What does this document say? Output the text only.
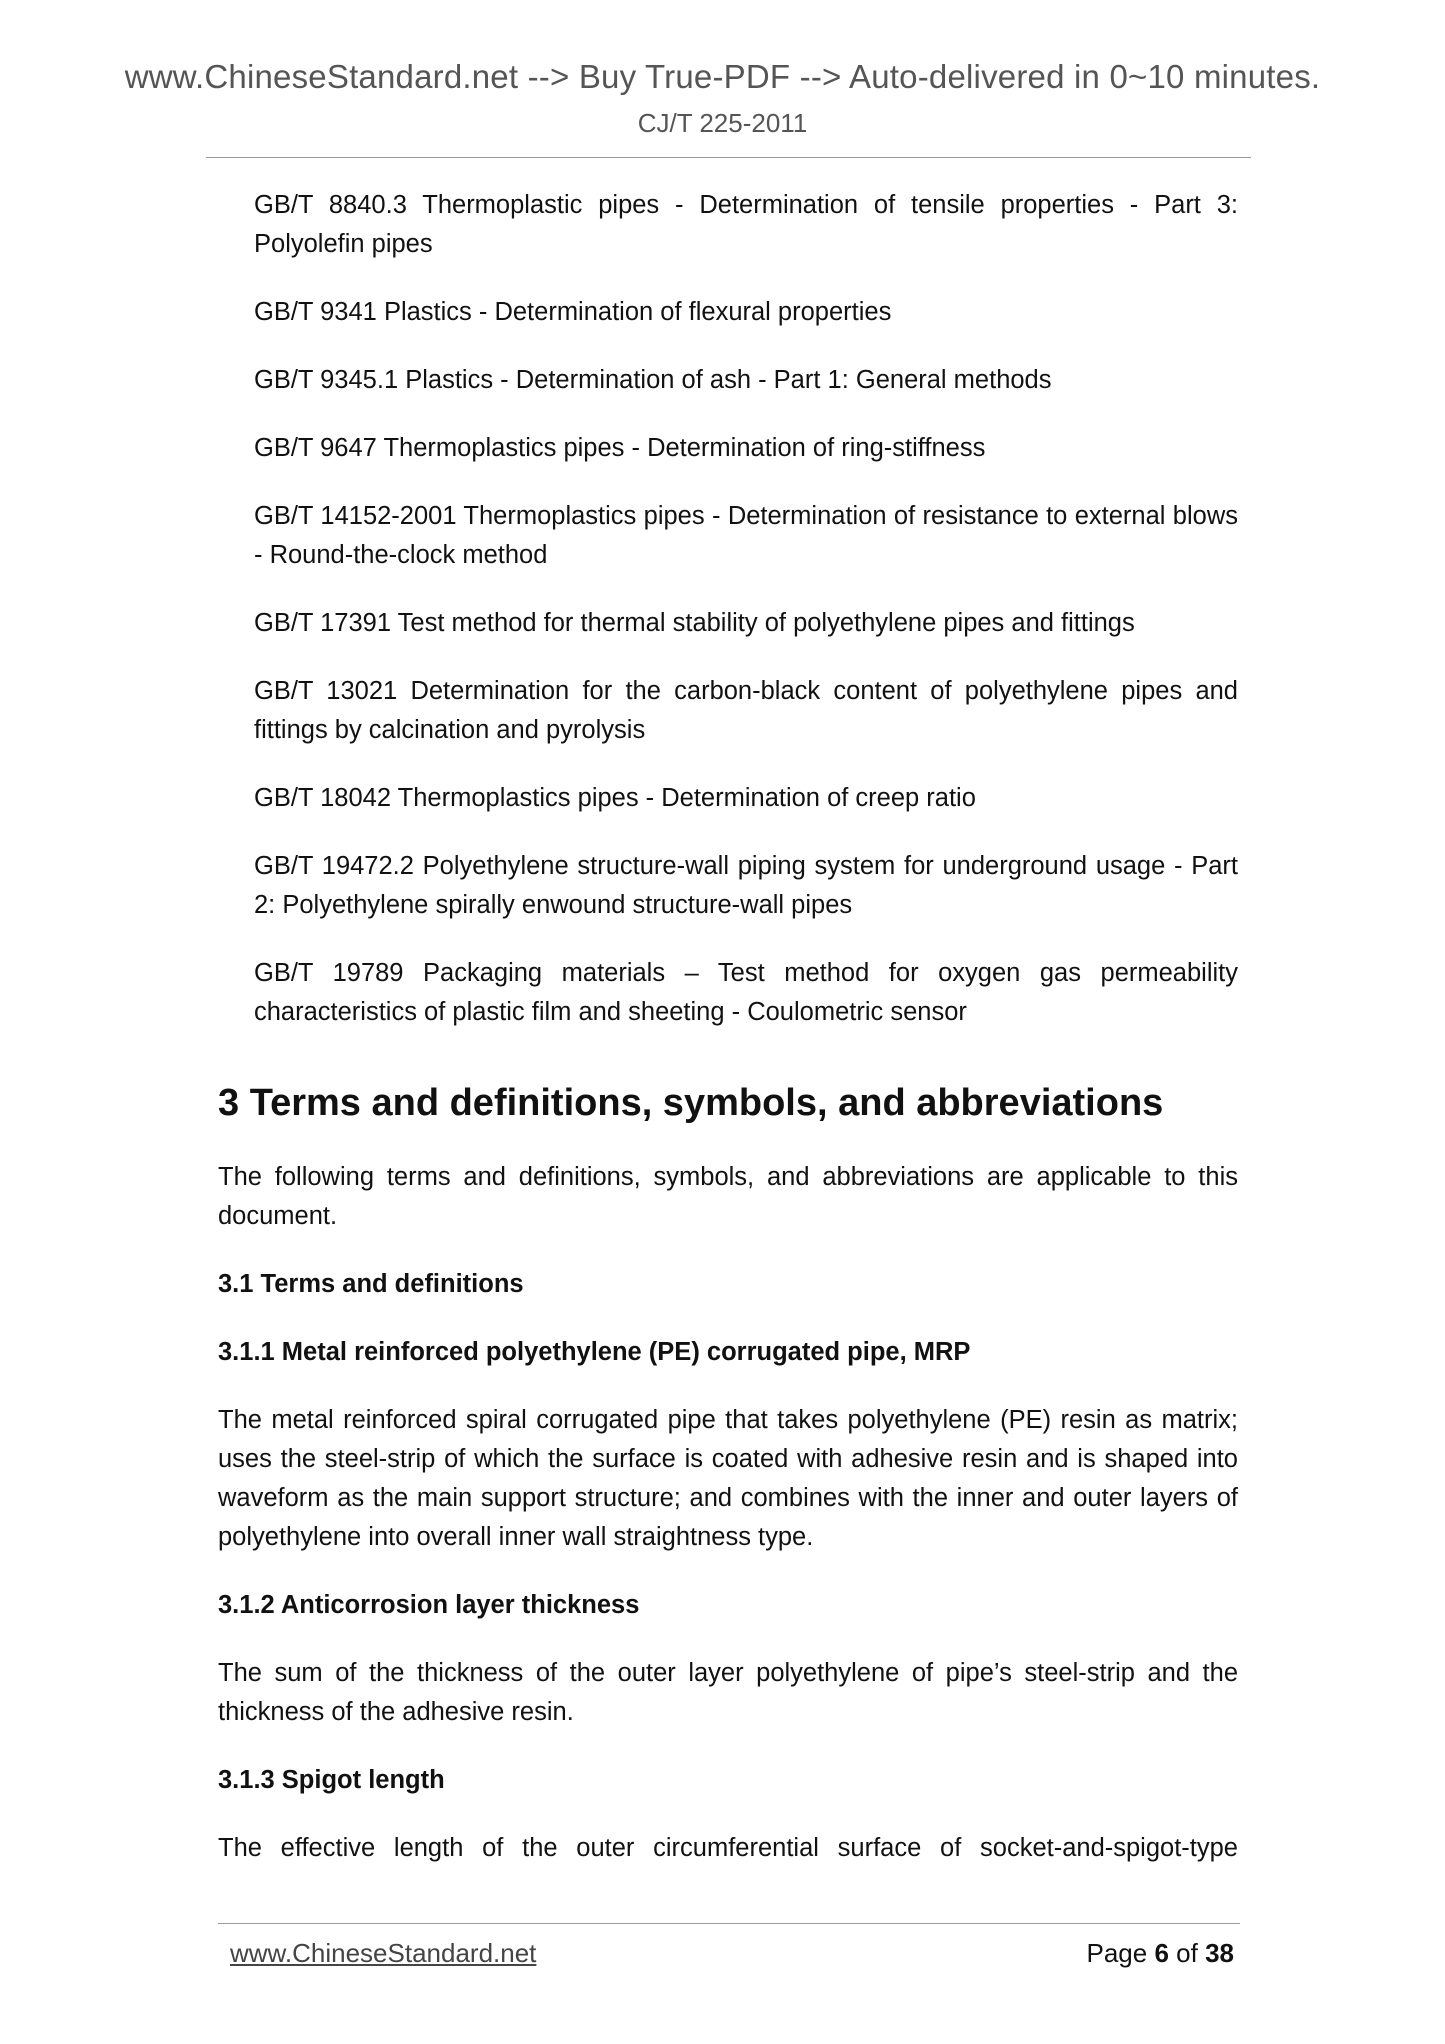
www.ChineseStandard.net --> Buy True-PDF --> Auto-delivered in 0~10 minutes.
CJ/T 225-2011
GB/T 8840.3 Thermoplastic pipes - Determination of tensile properties - Part 3: Polyolefin pipes
GB/T 9341 Plastics - Determination of flexural properties
GB/T 9345.1 Plastics - Determination of ash - Part 1: General methods
GB/T 9647 Thermoplastics pipes - Determination of ring-stiffness
GB/T 14152-2001 Thermoplastics pipes - Determination of resistance to external blows - Round-the-clock method
GB/T 17391 Test method for thermal stability of polyethylene pipes and fittings
GB/T 13021 Determination for the carbon-black content of polyethylene pipes and fittings by calcination and pyrolysis
GB/T 18042 Thermoplastics pipes - Determination of creep ratio
GB/T 19472.2 Polyethylene structure-wall piping system for underground usage - Part 2: Polyethylene spirally enwound structure-wall pipes
GB/T 19789 Packaging materials – Test method for oxygen gas permeability characteristics of plastic film and sheeting - Coulometric sensor
3 Terms and definitions, symbols, and abbreviations
The following terms and definitions, symbols, and abbreviations are applicable to this document.
3.1 Terms and definitions
3.1.1 Metal reinforced polyethylene (PE) corrugated pipe, MRP
The metal reinforced spiral corrugated pipe that takes polyethylene (PE) resin as matrix; uses the steel-strip of which the surface is coated with adhesive resin and is shaped into waveform as the main support structure; and combines with the inner and outer layers of polyethylene into overall inner wall straightness type.
3.1.2 Anticorrosion layer thickness
The sum of the thickness of the outer layer polyethylene of pipe’s steel-strip and the thickness of the adhesive resin.
3.1.3 Spigot length
The effective length of the outer circumferential surface of socket-and-spigot-type
www.ChineseStandard.net	Page 6 of 38
